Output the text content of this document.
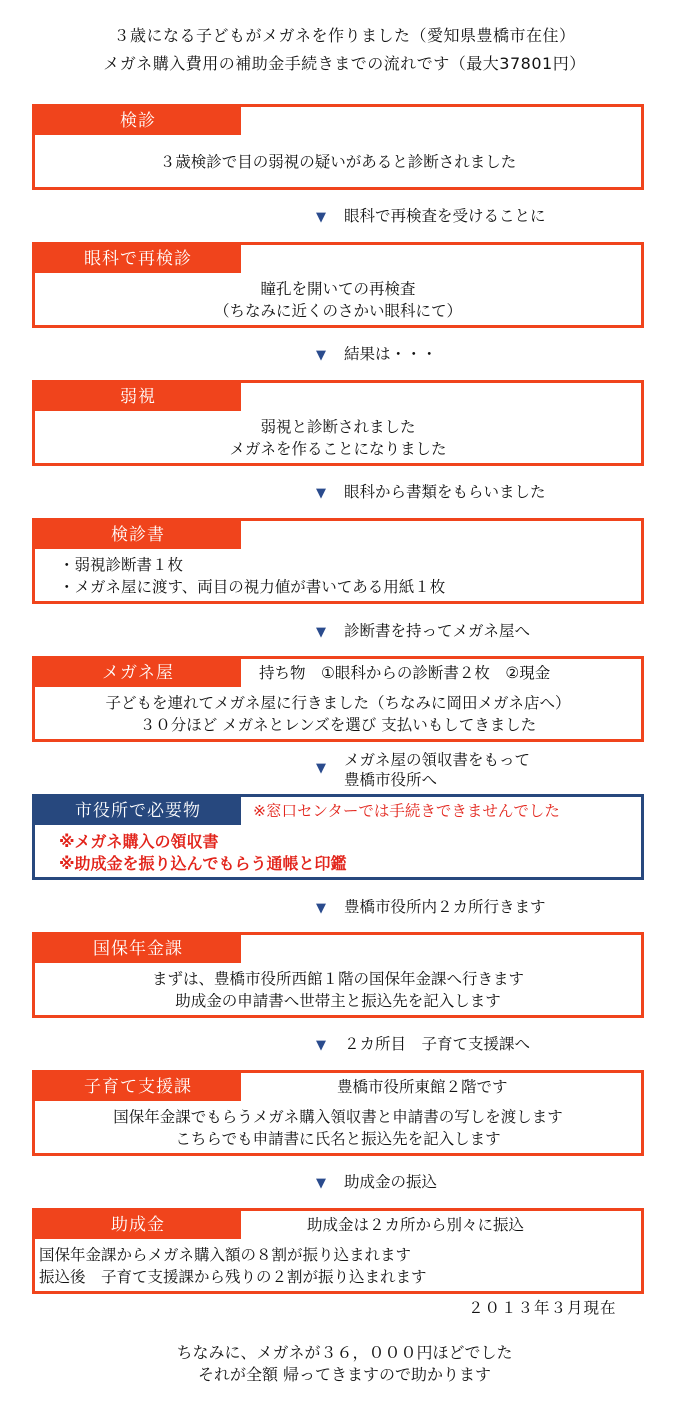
３歳になる子どもがメガネを作りました（愛知県豊橋市在住）
メガネ購入費用の補助金手続きまでの流れです（最大37801円）
検診
３歳検診で目の弱視の疑いがあると診断されました
▼ 眼科で再検査を受けることに
眼科で再検診
瞳孔を開いての再検査
（ちなみに近くのさかい眼科にて）
▼ 結果は・・・
弱視
弱視と診断されました
メガネを作ることになりました
▼ 眼科から書類をもらいました
検診書
・弱視診断書１枚
・メガネ屋に渡す、両目の視力値が書いてある用紙１枚
▼ 診断書を持ってメガネ屋へ
メガネ屋	持ち物　①眼科からの診断書２枚　②現金
子どもを連れてメガネ屋に行きました（ちなみに岡田メガネ店へ）
３０分ほど メガネとレンズを選び 支払いもしてきました
▼ メガネ屋の領収書をもって
豊橋市役所へ
市役所で必要物	※窓口センターでは手続きできませんでした
※メガネ購入の領収書
※助成金を振り込んでもらう通帳と印鑑
▼ 豊橋市役所内２カ所行きます
国保年金課
まずは、豊橋市役所西館１階の国保年金課へ行きます
助成金の申請書へ世帯主と振込先を記入します
▼ ２カ所目　子育て支援課へ
子育て支援課	豊橋市役所東館２階です
国保年金課でもらうメガネ購入領収書と申請書の写しを渡します
こちらでも申請書に氏名と振込先を記入します
▼ 助成金の振込
助成金	助成金は２カ所から別々に振込
国保年金課からメガネ購入額の８割が振り込まれます
振込後　子育て支援課から残りの２割が振り込まれます
２０１３年３月現在
ちなみに、メガネが３６，０００円ほどでした
それが全額 帰ってきますので助かります
